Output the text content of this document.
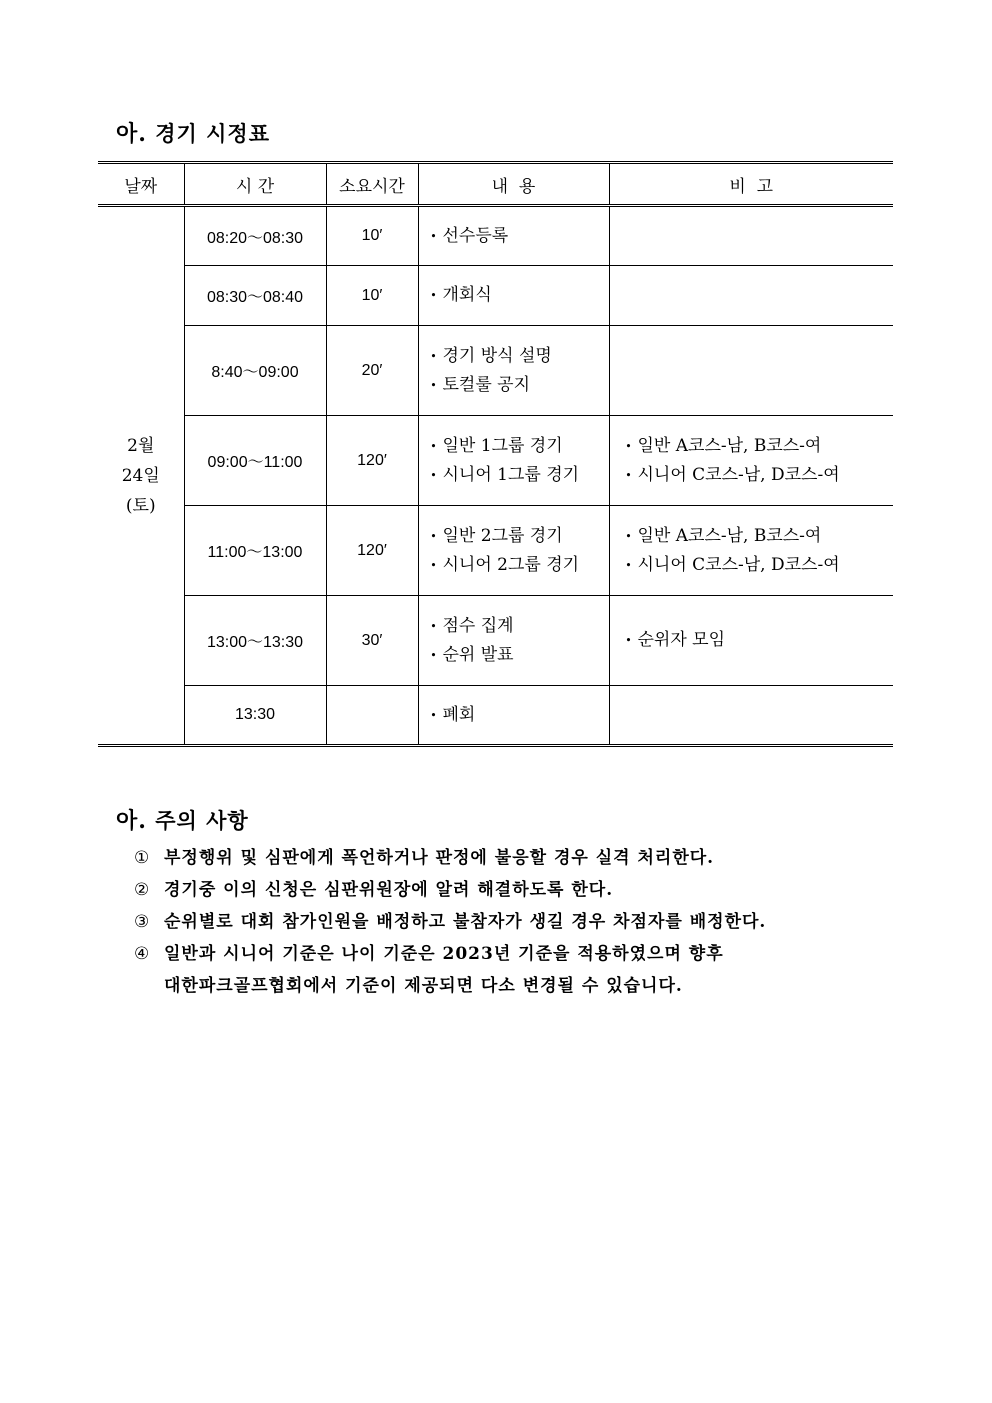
아. 경기 시정표
날짜	시 간	소요시간	내  용	비  고

2월
24일
(토)	08:20～08:30	10′	• 선수등록	

	08:30～08:40	10′	• 개회식	

	8:40～09:00	20′	• 경기 방식 설명
• 토컬룰 공지	

	09:00～11:00	120′	• 일반 1그룹 경기
• 시니어 1그룹 경기	• 일반 A코스-남, B코스-여
• 시니어 C코스-남, D코스-여

	11:00～13:00	120′	• 일반 2그룹 경기
• 시니어 2그룹 경기	• 일반 A코스-남, B코스-여
• 시니어 C코스-남, D코스-여

	13:00～13:30	30′	• 점수 집계
• 순위 발표	• 순위자 모임

	13:30		• 폐회	

아. 주의 사항
① 부정행위 및 심판에게 폭언하거나 판정에 불응할 경우 실격 처리한다.
② 경기중 이의 신청은 심판위원장에 알려 해결하도록 한다.
③ 순위별로 대회 참가인원을 배정하고 불참자가 생길 경우 차점자를 배정한다.
④ 일반과 시니어 기준은 나이 기준은 2023년 기준을 적용하였으며 향후
대한파크골프협회에서 기준이 제공되면 다소 변경될 수 있습니다.
